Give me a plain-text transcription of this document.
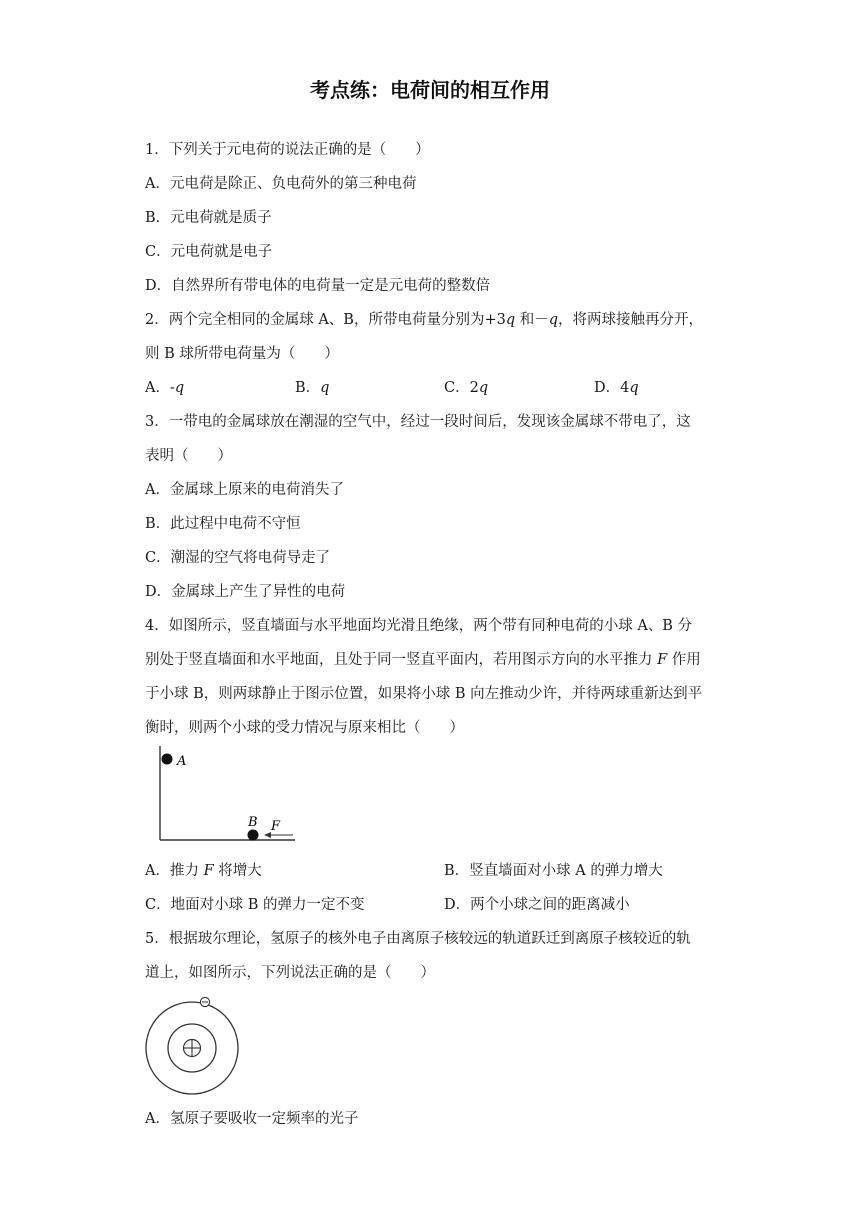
考点练：电荷间的相互作用
1．下列关于元电荷的说法正确的是（　　）
A．元电荷是除正、负电荷外的第三种电荷
B．元电荷就是质子
C．元电荷就是电子
D．自然界所有带电体的电荷量一定是元电荷的整数倍
2．两个完全相同的金属球 A、B，所带电荷量分别为+3q 和－q，将两球接触再分开，
则 B 球所带电荷量为（　　）
A．-q	B．q	C．2q	D．4q
3．一带电的金属球放在潮湿的空气中，经过一段时间后，发现该金属球不带电了，这
表明（　　）
A．金属球上原来的电荷消失了
B．此过程中电荷不守恒
C．潮湿的空气将电荷导走了
D．金属球上产生了异性的电荷
4．如图所示，竖直墙面与水平地面均光滑且绝缘，两个带有同种电荷的小球 A、B 分
别处于竖直墙面和水平地面，且处于同一竖直平面内，若用图示方向的水平推力 F 作用
于小球 B，则两球静止于图示位置，如果将小球 B 向左推动少许，并待两球重新达到平
衡时，则两个小球的受力情况与原来相比（　　）
A
B F
A．推力 F 将增大	B．竖直墙面对小球 A 的弹力增大
C．地面对小球 B 的弹力一定不变	D．两个小球之间的距离减小
5．根据玻尔理论，氢原子的核外电子由离原子核较远的轨道跃迁到离原子核较近的轨
道上，如图所示，下列说法正确的是（　　）
A．氢原子要吸收一定频率的光子
